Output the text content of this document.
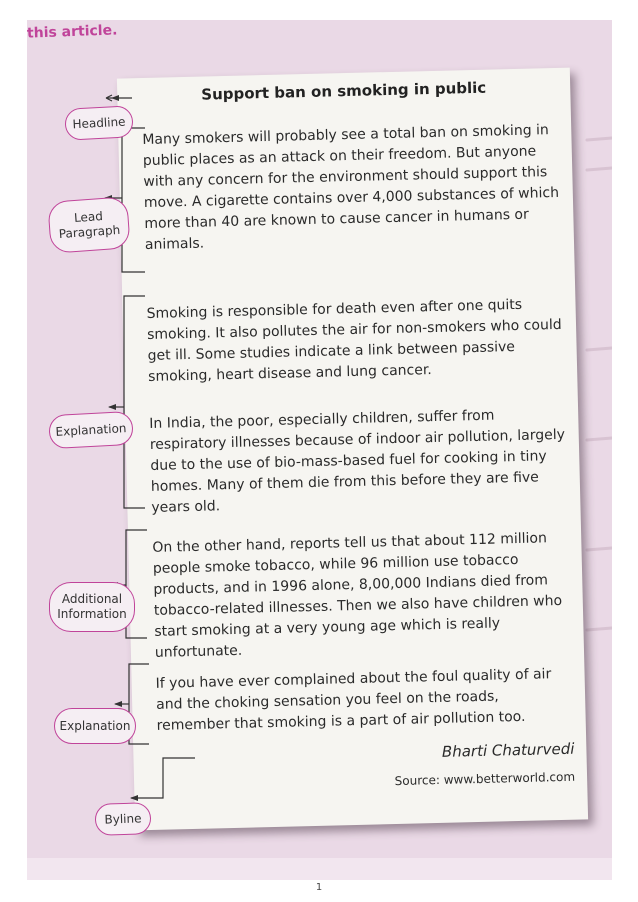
this article.
Support ban on smoking in public

Many smokers will probably see a total ban on smoking in public places as an attack on their freedom. But anyone with any concern for the environment should support this move. A cigarette contains over 4,000 substances of which more than 40 are known to cause cancer in humans or animals.

Smoking is responsible for death even after one quits smoking. It also pollutes the air for non-smokers who could get ill. Some studies indicate a link between passive smoking, heart disease and lung cancer.

In India, the poor, especially children, suffer from respiratory illnesses because of indoor air pollution, largely due to the use of bio-mass-based fuel for cooking in tiny homes. Many of them die from this before they are five years old.

On the other hand, reports tell us that about 112 million people smoke tobacco, while 96 million use tobacco products, and in 1996 alone, 8,00,000 Indians died from tobacco-related illnesses. Then we also have children who start smoking at a very young age which is really unfortunate.

If you have ever complained about the foul quality of air and the choking sensation you feel on the roads, remember that smoking is a part of air pollution too.

Bharti Chaturvedi
Source: www.betterworld.com
Headline
Lead
Paragraph
Explanation
Additional
Information
Explanation
Byline
1
